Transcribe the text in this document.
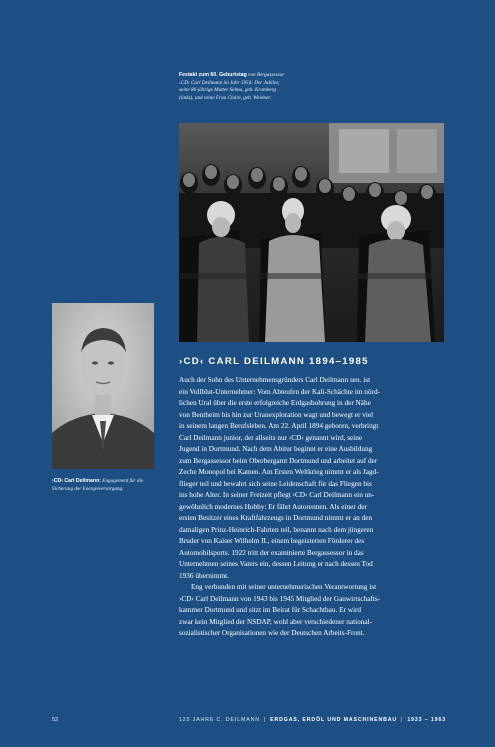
Festakt zum 60. Geburtstag von Bergassessor ›CD‹ Carl Deilmann im Jahr 1954: Der Jubilar, seine 86-jährige Mutter Selma, geb. Kramberg (links), und seine Frau Claire, geb. Weidner.
›CD‹ Carl Deilmann: Engagement für die Sicherung der Energieversorgung.
›CD‹ CARL DEILMANN 1894–1985
Auch der Sohn des Unternehmensgründers Carl Deilmann sen. ist
ein Vollblut-Unternehmer: Vom Abteufen der Kali-Schächte im nörd-
lichen Ural über die erste erfolgreiche Erdgasbohrung in der Nähe
von Bentheim bis hin zur Uranexploration wagt und bewegt er viel
in seinem langen Berufsleben. Am 22. April 1894 geboren, verbringt
Carl Deilmann junior, der allseits nur ›CD‹ genannt wird, seine
Jugend in Dortmund. Nach dem Abitur beginnt er eine Ausbildung
zum Bergassessor beim Oberbergamt Dortmund und arbeitet auf der
Zeche Monopol bei Kamen. Am Ersten Weltkrieg nimmt er als Jagd-
flieger teil und bewahrt sich seine Leidenschaft für das Fliegen bis
ins hohe Alter. In seiner Freizeit pflegt ›CD‹ Carl Deilmann ein un-
gewöhnlich modernes Hobby: Er fährt Autorennen. Als einer der
ersten Besitzer eines Kraftfahrzeugs in Dortmund nimmt er an den
damaligen Prinz-Heinrich-Fahrten teil, benannt nach dem jüngeren
Bruder von Kaiser Wilhelm II., einem begeisterten Förderer des
Automobilsports. 1922 tritt der examinierte Bergassessor in das
Unternehmen seines Vaters ein, dessen Leitung er nach dessen Tod
1936 übernimmt.
Eng verbunden mit seiner unternehmerischen Verantwortung ist
›CD‹ Carl Deilmann von 1943 bis 1945 Mitglied der Gauwirtschafts-
kammer Dortmund und sitzt im Beirat für Schachtbau. Er wird
zwar kein Mitglied der NSDAP, wohl aber verschiedener national-
sozialistischer Organisationen wie der Deutschen Arbeits-Front.
52	125 JAHRE C. DEILMANN | ERDGAS, ERDÖL UND MASCHINENBAU | 1933 – 1963
